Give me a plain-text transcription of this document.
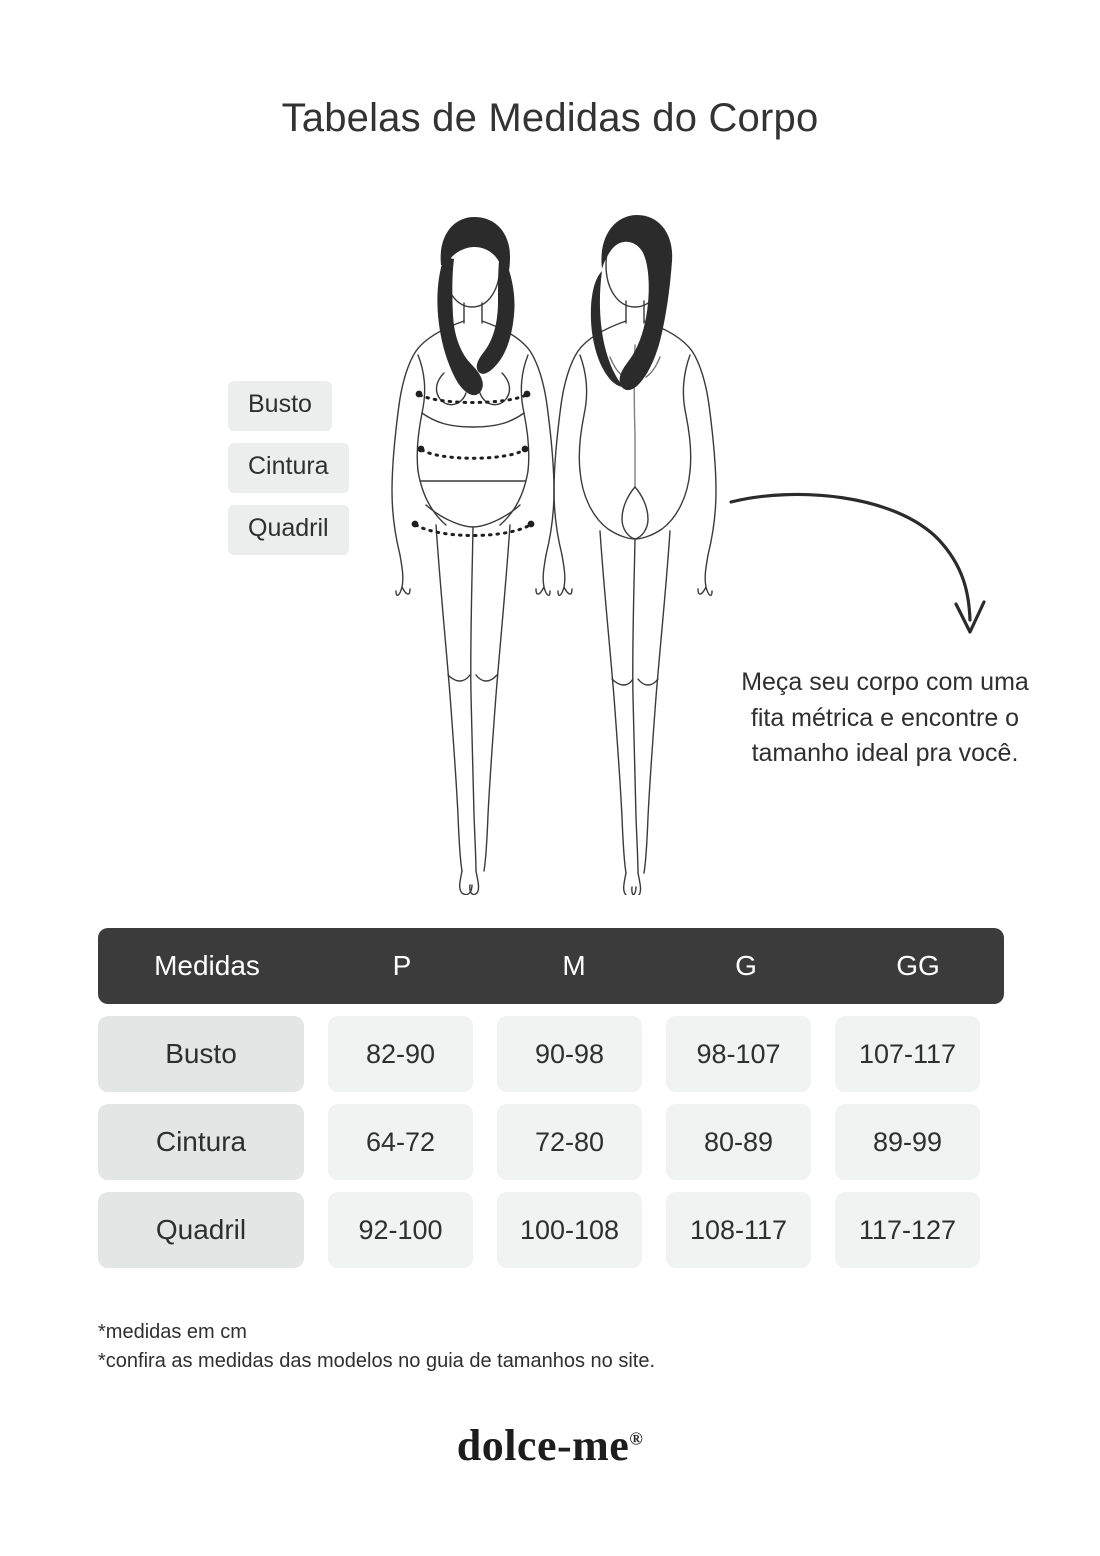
Tabelas de Medidas do Corpo
Busto
Cintura
Quadril
Meça seu corpo com uma fita métrica e encontre o tamanho ideal pra você.
Medidas	P	M	G	GG
Busto	82-90	90-98	98-107	107-117
Cintura	64-72	72-80	80-89	89-99
Quadril	92-100	100-108	108-117	117-127
*medidas em cm
*confira as medidas das modelos no guia de tamanhos no site.
dolce-me®
